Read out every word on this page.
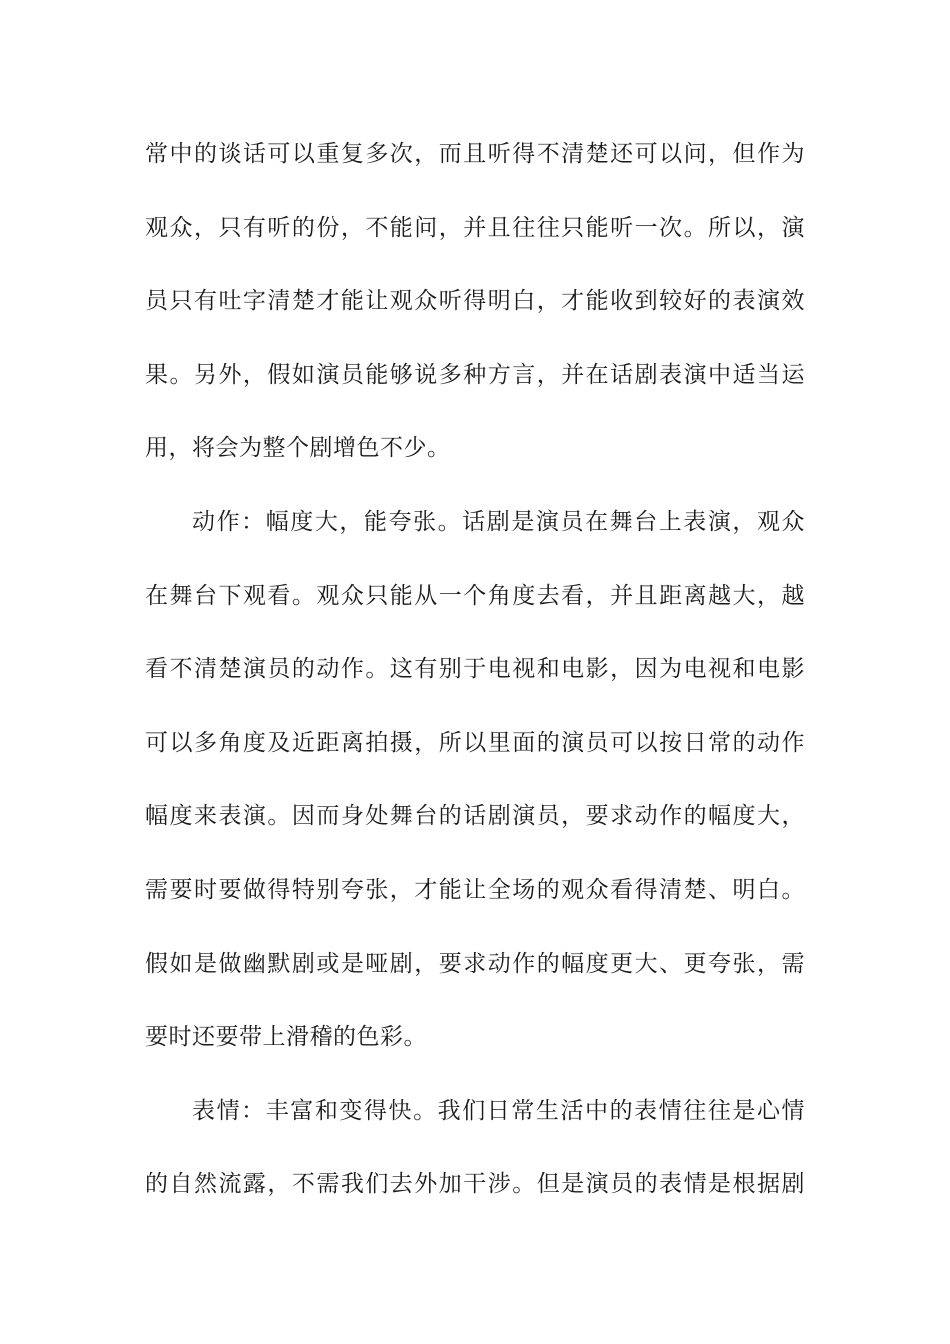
常中的谈话可以重复多次，而且听得不清楚还可以问，但作为
观众，只有听的份，不能问，并且往往只能听一次。所以，演
员只有吐字清楚才能让观众听得明白，才能收到较好的表演效
果。另外，假如演员能够说多种方言，并在话剧表演中适当运
用，将会为整个剧增色不少。
动作：幅度大，能夸张。话剧是演员在舞台上表演，观众
在舞台下观看。观众只能从一个角度去看，并且距离越大，越
看不清楚演员的动作。这有别于电视和电影，因为电视和电影
可以多角度及近距离拍摄，所以里面的演员可以按日常的动作
幅度来表演。因而身处舞台的话剧演员，要求动作的幅度大，
需要时要做得特别夸张，才能让全场的观众看得清楚、明白。
假如是做幽默剧或是哑剧，要求动作的幅度更大、更夸张，需
要时还要带上滑稽的色彩。
表情：丰富和变得快。我们日常生活中的表情往往是心情
的自然流露，不需我们去外加干涉。但是演员的表情是根据剧
